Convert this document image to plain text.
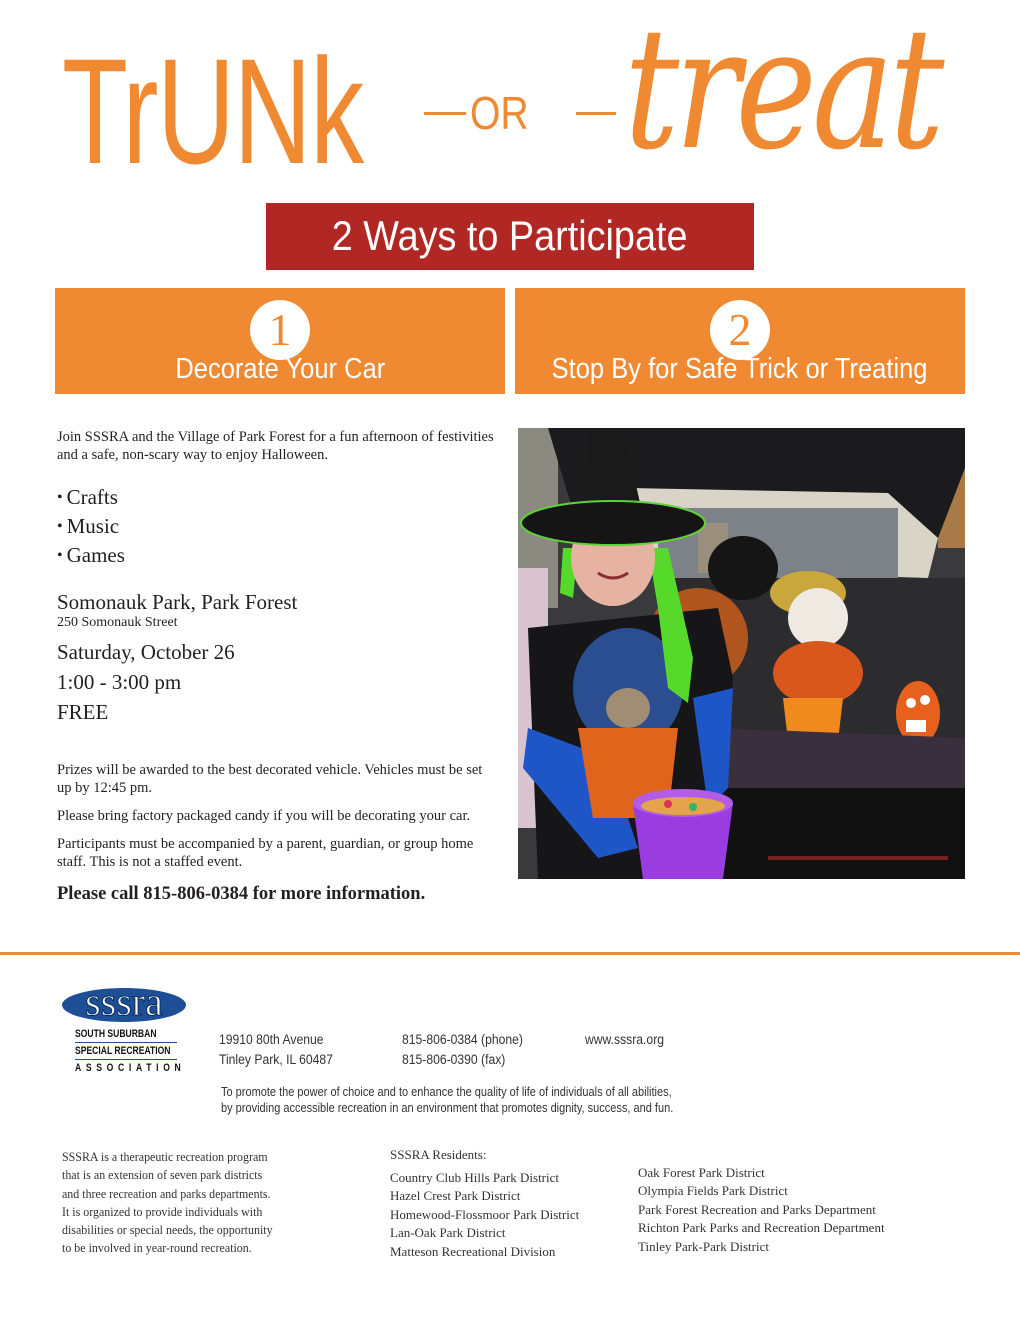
TrUNk OR treat
2 Ways to Participate
1
Decorate Your Car
2
Stop By for Safe Trick or Treating

Join SSSRA and the Village of Park Forest for a fun afternoon of festivities and a safe, non-scary way to enjoy Halloween.

• Crafts
• Music
• Games
Somonauk Park, Park Forest
250 Somonauk Street
Saturday, October 26
1:00 - 3:00 pm
FREE

Prizes will be awarded to the best decorated vehicle. Vehicles must be set up by 12:45 pm.

Please bring factory packaged candy if you will be decorating your car.

Participants must be accompanied by a parent, guardian, or group home staff. This is not a staffed event.

Please call 815-806-0384 for more information.
sssra
SOUTH SUBURBAN
SPECIAL RECREATION
ASSOCIATION
19910 80th Avenue
Tinley Park, IL 60487
815-806-0384 (phone)
815-806-0390 (fax)
www.sssra.org
To promote the power of choice and to enhance the quality of life of individuals of all abilities,
by providing accessible recreation in an environment that promotes dignity, success, and fun.
SSSRA is a therapeutic recreation program
that is an extension of seven park districts
and three recreation and parks departments.
It is organized to provide individuals with
disabilities or special needs, the opportunity
to be involved in year-round recreation.
SSSRA Residents:
Country Club Hills Park District
Hazel Crest Park District
Homewood-Flossmoor Park District
Lan-Oak Park District
Matteson Recreational Division
Oak Forest Park District
Olympia Fields Park District
Park Forest Recreation and Parks Department
Richton Park Parks and Recreation Department
Tinley Park-Park District
